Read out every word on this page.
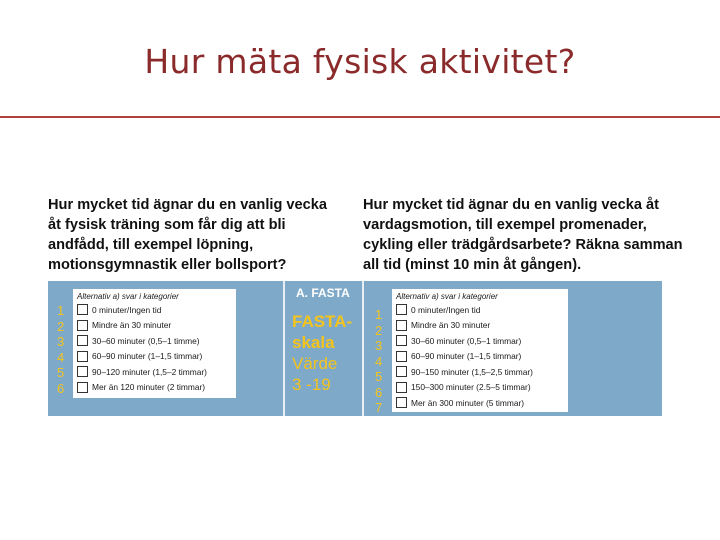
Hur mäta fysisk aktivitet?
Hur mycket tid ägnar du en vanlig vecka åt fysisk träning som får dig att bli andfådd, till exempel löpning, motionsgymnastik eller bollsport?
Hur mycket tid ägnar du en vanlig vecka åt vardagsmotion, till exempel promenader, cykling eller trädgårdsarbete? Räkna samman all tid (minst 10 min åt gången).
1
2
3
4
5
6
Alternativ a) svar i kategorier
0 minuter/Ingen tid
Mindre än 30 minuter
30–60 minuter (0,5–1 timme)
60–90 minuter (1–1,5 timmar)
90–120 minuter (1,5–2 timmar)
Mer än 120 minuter (2 timmar)
A. FASTA
FASTA-
skala
Värde
3 -19
1
2
3
4
5
6
7
Alternativ a) svar i kategorier
0 minuter/Ingen tid
Mindre än 30 minuter
30–60 minuter (0,5–1 timmar)
60–90 minuter (1–1,5 timmar)
90–150 minuter (1,5–2,5 timmar)
150–300 minuter (2.5–5 timmar)
Mer än 300 minuter (5 timmar)
